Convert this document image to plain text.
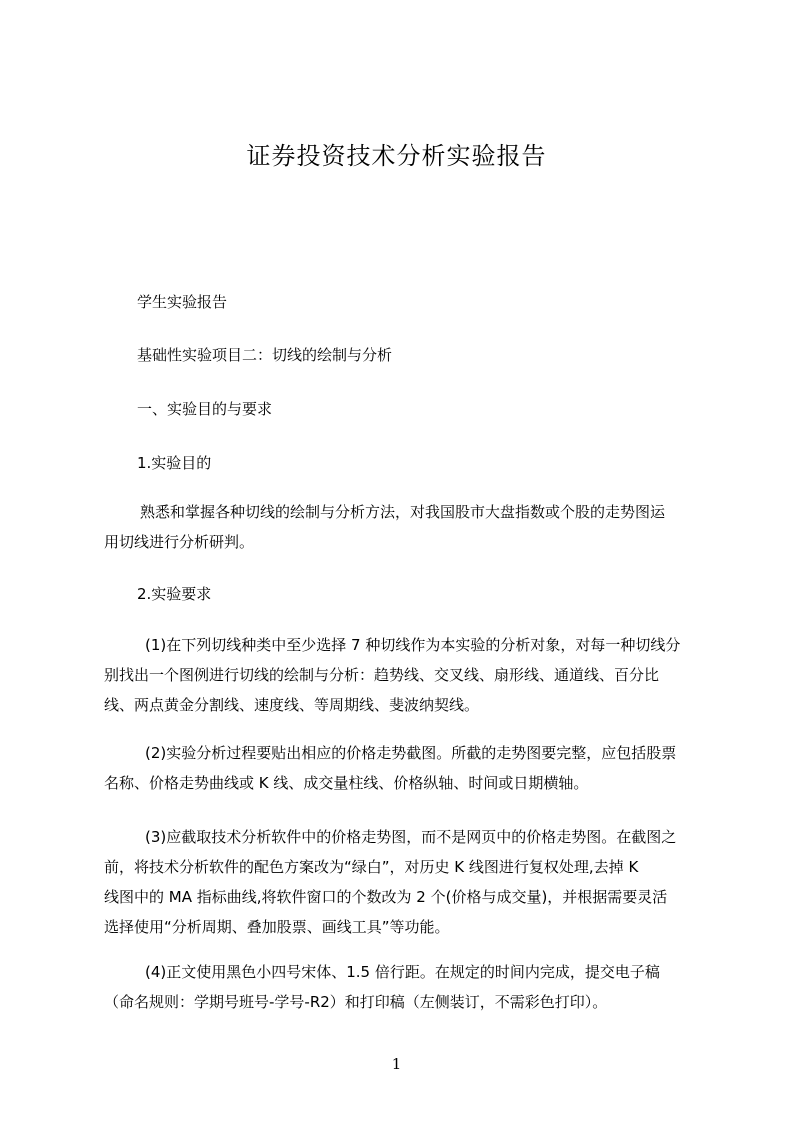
证券投资技术分析实验报告

学生实验报告

基础性实验项目二：切线的绘制与分析

一、实验目的与要求

1.实验目的

熟悉和掌握各种切线的绘制与分析方法，对我国股市大盘指数或个股的走势图运
用切线进行分析研判。

2.实验要求

(1)在下列切线种类中至少选择 7 种切线作为本实验的分析对象，对每一种切线分
别找出一个图例进行切线的绘制与分析：趋势线、交叉线、扇形线、通道线、百分比
线、两点黄金分割线、速度线、等周期线、斐波纳契线。
(2)实验分析过程要贴出相应的价格走势截图。所截的走势图要完整，应包括股票
名称、价格走势曲线或 K 线、成交量柱线、价格纵轴、时间或日期横轴。
(3)应截取技术分析软件中的价格走势图，而不是网页中的价格走势图。在截图之
前，将技术分析软件的配色方案改为“绿白”，对历史 K 线图进行复权处理,去掉 K
线图中的 MA 指标曲线,将软件窗口的个数改为 2 个(价格与成交量)，并根据需要灵活
选择使用“分析周期、叠加股票、画线工具”等功能。
(4)正文使用黑色小四号宋体、1.5 倍行距。在规定的时间内完成，提交电子稿
（命名规则：学期号班号-学号-R2）和打印稿（左侧装订，不需彩色打印）。
1
